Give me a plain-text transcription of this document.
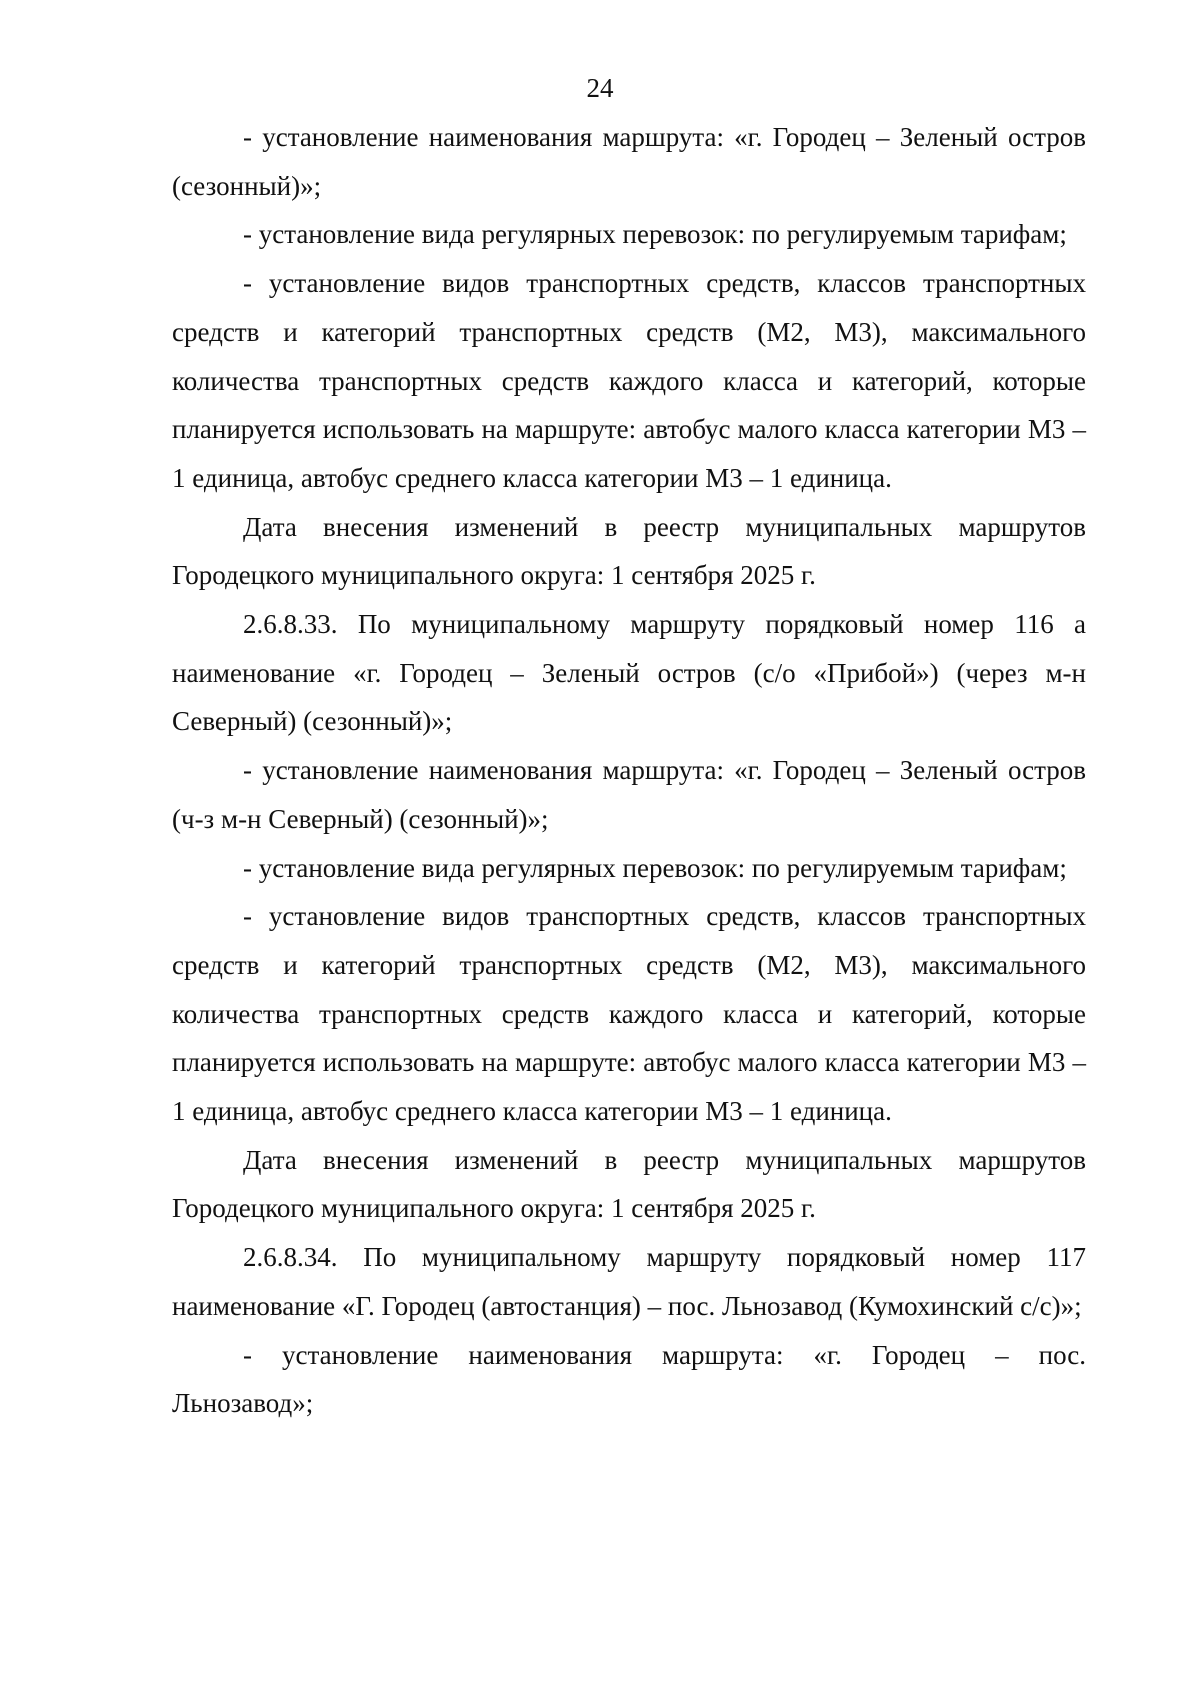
24

- установление наименования маршрута: «г. Городец – Зеленый остров (сезонный)»;

- установление вида регулярных перевозок: по регулируемым тарифам;

- установление видов транспортных средств, классов транспортных средств и категорий транспортных средств (М2, М3), максимального количества транспортных средств каждого класса и категорий, которые планируется использовать на маршруте: автобус малого класса категории М3 – 1 единица, автобус среднего класса категории М3 – 1 единица.

Дата внесения изменений в реестр муниципальных маршрутов Городецкого муниципального округа: 1 сентября 2025 г.

2.6.8.33. По муниципальному маршруту порядковый номер 116 а наименование «г. Городец – Зеленый остров (с/о «Прибой») (через м-н Северный) (сезонный)»;

- установление наименования маршрута: «г. Городец – Зеленый остров (ч-з м-н Северный) (сезонный)»;

- установление вида регулярных перевозок: по регулируемым тарифам;

- установление видов транспортных средств, классов транспортных средств и категорий транспортных средств (М2, М3), максимального количества транспортных средств каждого класса и категорий, которые планируется использовать на маршруте: автобус малого класса категории М3 – 1 единица, автобус среднего класса категории М3 – 1 единица.

Дата внесения изменений в реестр муниципальных маршрутов Городецкого муниципального округа: 1 сентября 2025 г.

2.6.8.34. По муниципальному маршруту порядковый номер 117 наименование «Г. Городец (автостанция) – пос. Льнозавод (Кумохинский с/с)»;

- установление наименования маршрута: «г. Городец – пос. Льнозавод»;
